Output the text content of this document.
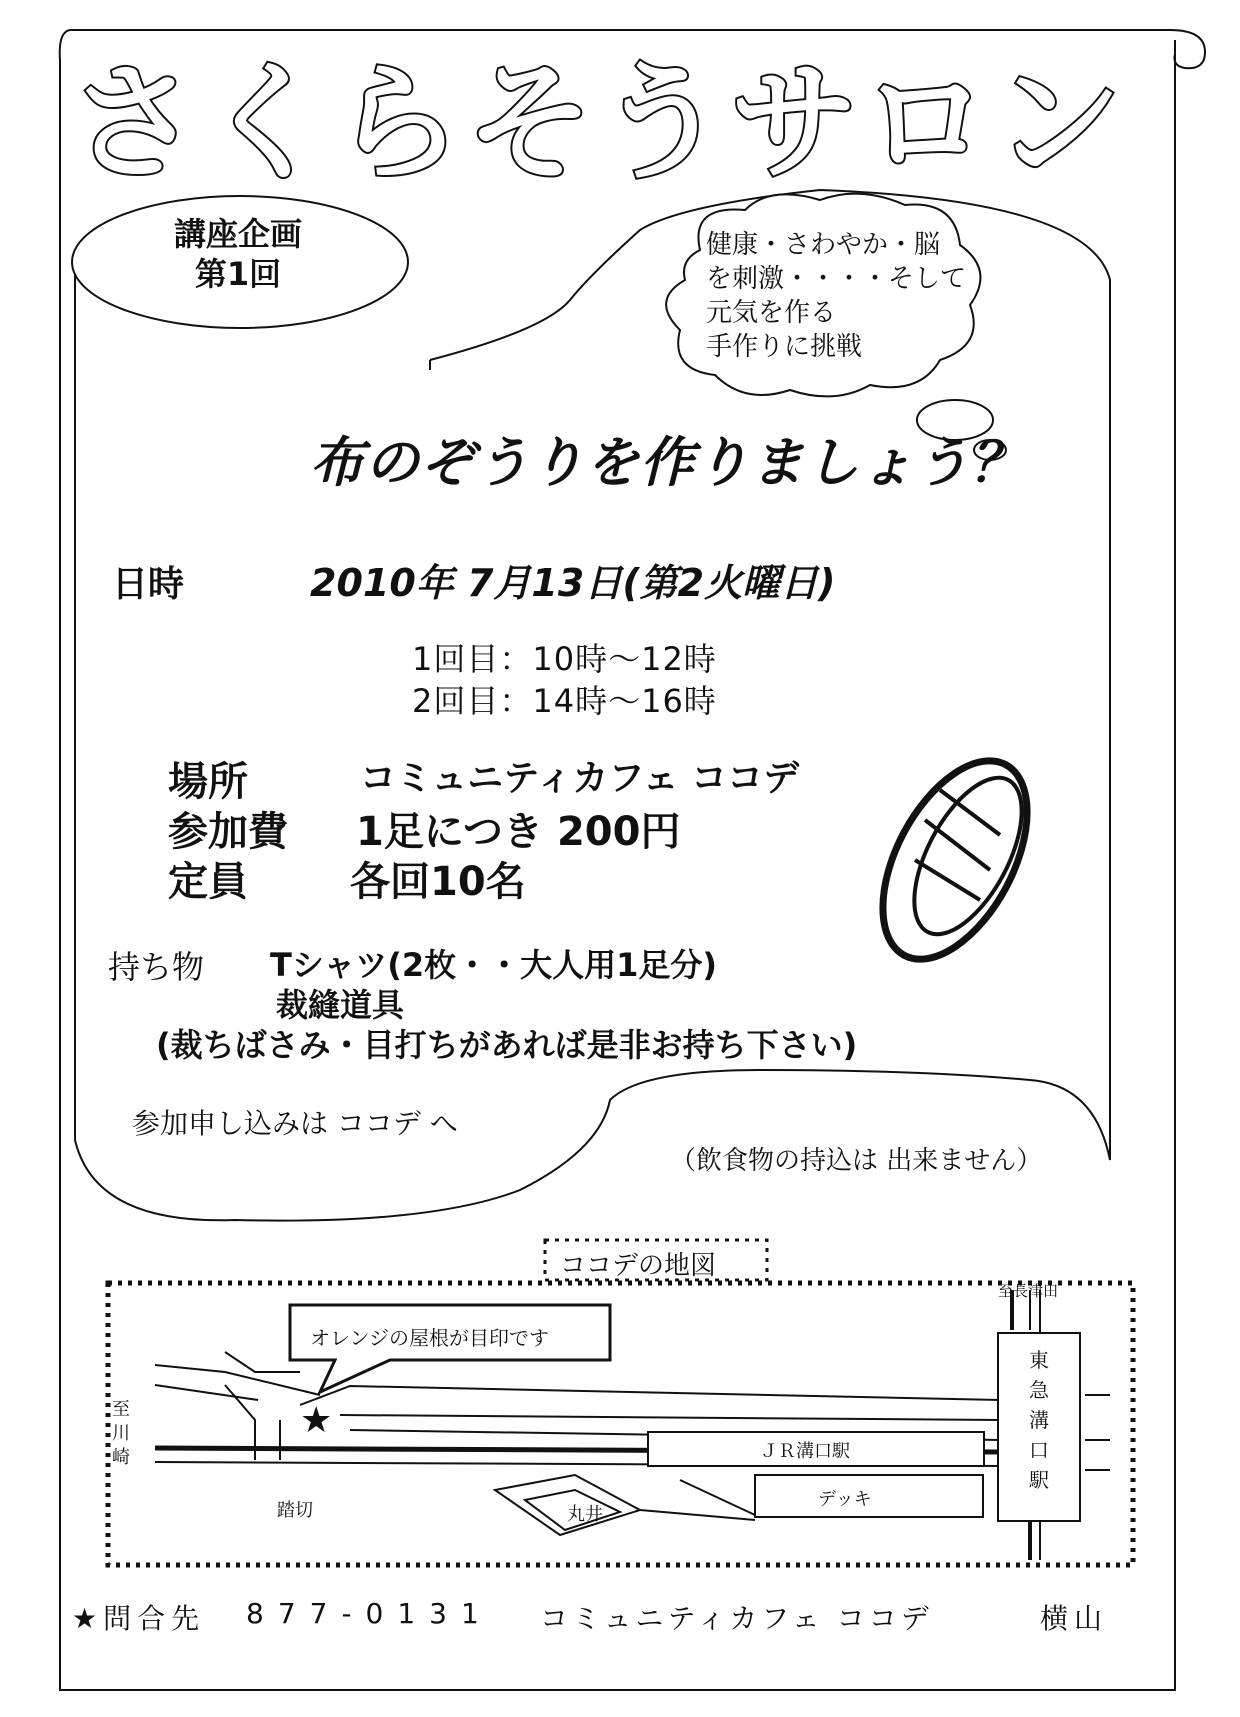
さくらそうサロン
講座企画
第1回
健康・さわやか・脳
を刺激・・・・そして
元気を作る
手作りに挑戦
布のぞうりを作りましょう？
日時	2010年 7月13日(第2火曜日)
1回目：10時～12時
2回目：14時～16時
場所	コミュニティカフェ ココデ
参加費 1足につき 200円
定員	各回10名
持ち物 Tシャツ(2枚・・大人用1足分)
裁縫道具
(裁ちばさみ・目打ちがあれば是非お持ち下さい)
参加申し込みは ココデ へ
（飲食物の持込は 出来ません）
ココデの地図
オレンジの屋根が目印です
★
至川崎
至長津田
東急溝口駅
ＪＲ溝口駅
デッキ
踏切	丸井
★問合先 877-0131 コミュニティカフェ ココデ	横山
